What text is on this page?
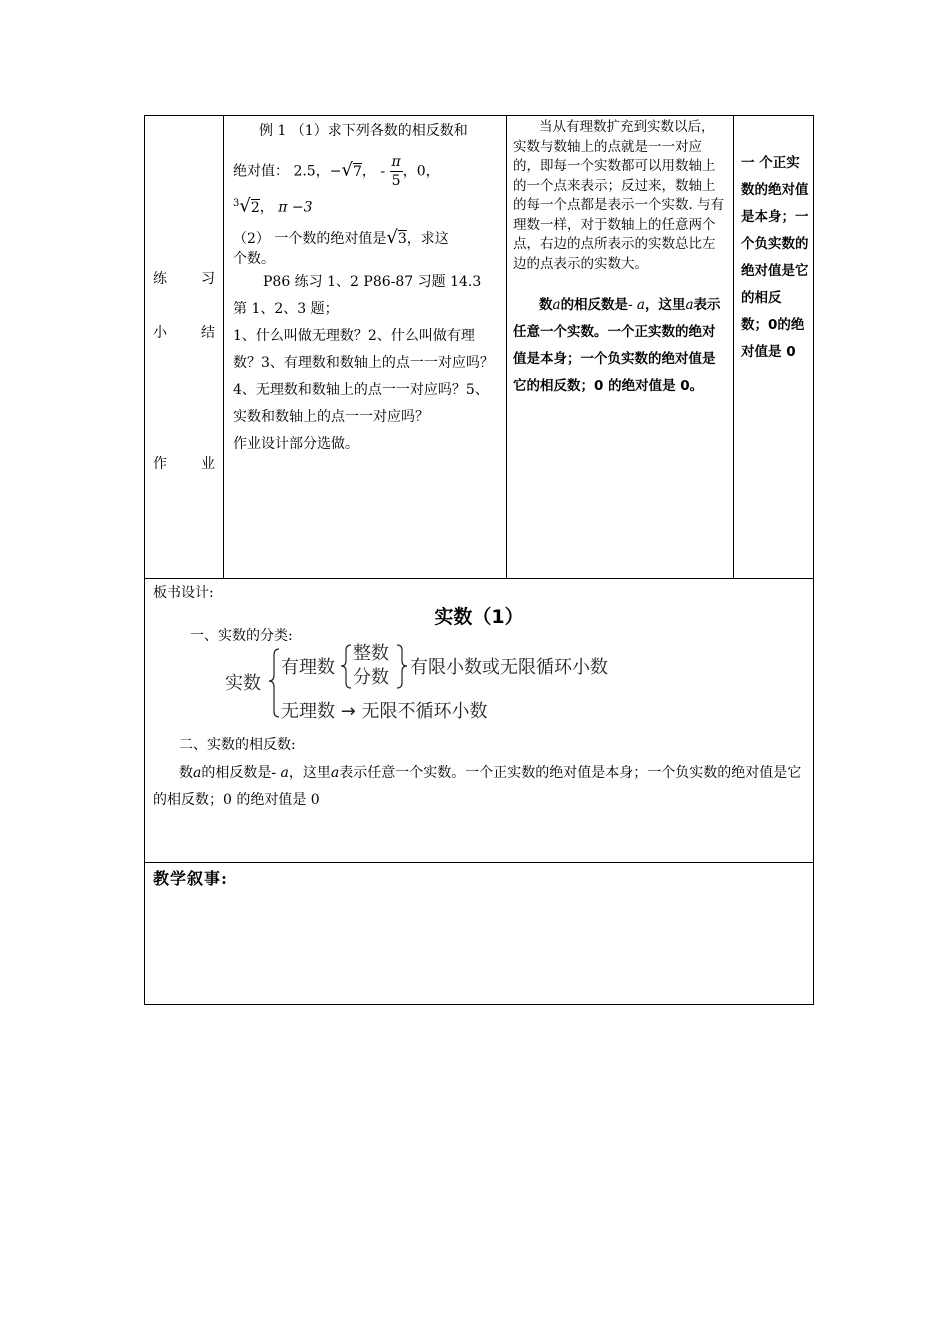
练 习
小 结
作 业
例 1 （1）求下列各数的相反数和
绝对值： 2.5，−√7， - $\frac{\pi}{5}$ ，0，
$^3$√2， π −3
（2） 一个数的绝对值是√3，求这
个数。
P86 练习 1、2 P86-87 习题 14.3
第 1、2、3 题；
1、什么叫做无理数？2、什么叫做有理数？3、有理数和数轴上的点一一对应吗？4、无理数和数轴上的点一一对应吗？5、实数和数轴上的点一一对应吗？
作业设计部分选做。
当从有理数扩充到实数以后，实数与数轴上的点就是一一对应的，即每一个实数都可以用数轴上的一个点来表示；反过来，数轴上的每一个点都是表示一个实数. 与有理数一样，对于数轴上的任意两个点，右边的点所表示的实数总比左边的点表示的实数大。
数a的相反数是- a，这里a表示任意一个实数。一个正实数的绝对值是本身；一个负实数的绝对值是它的相反数；0 的绝对值是 0。
一 个正实数的绝对值是本身；一个负实数的绝对值是它的相反 数；0的绝对值是 0
板书设计:
实数（1）
一、实数的分类:
实数
有理数
整数
分数 有限小数或无限循环小数
无理数 → 无限不循环小数
二、实数的相反数:
数a的相反数是- a，这里a表示任意一个实数。一个正实数的绝对值是本身；一个负实数的绝对值是它的相反数；0 的绝对值是 0
教学叙事:
